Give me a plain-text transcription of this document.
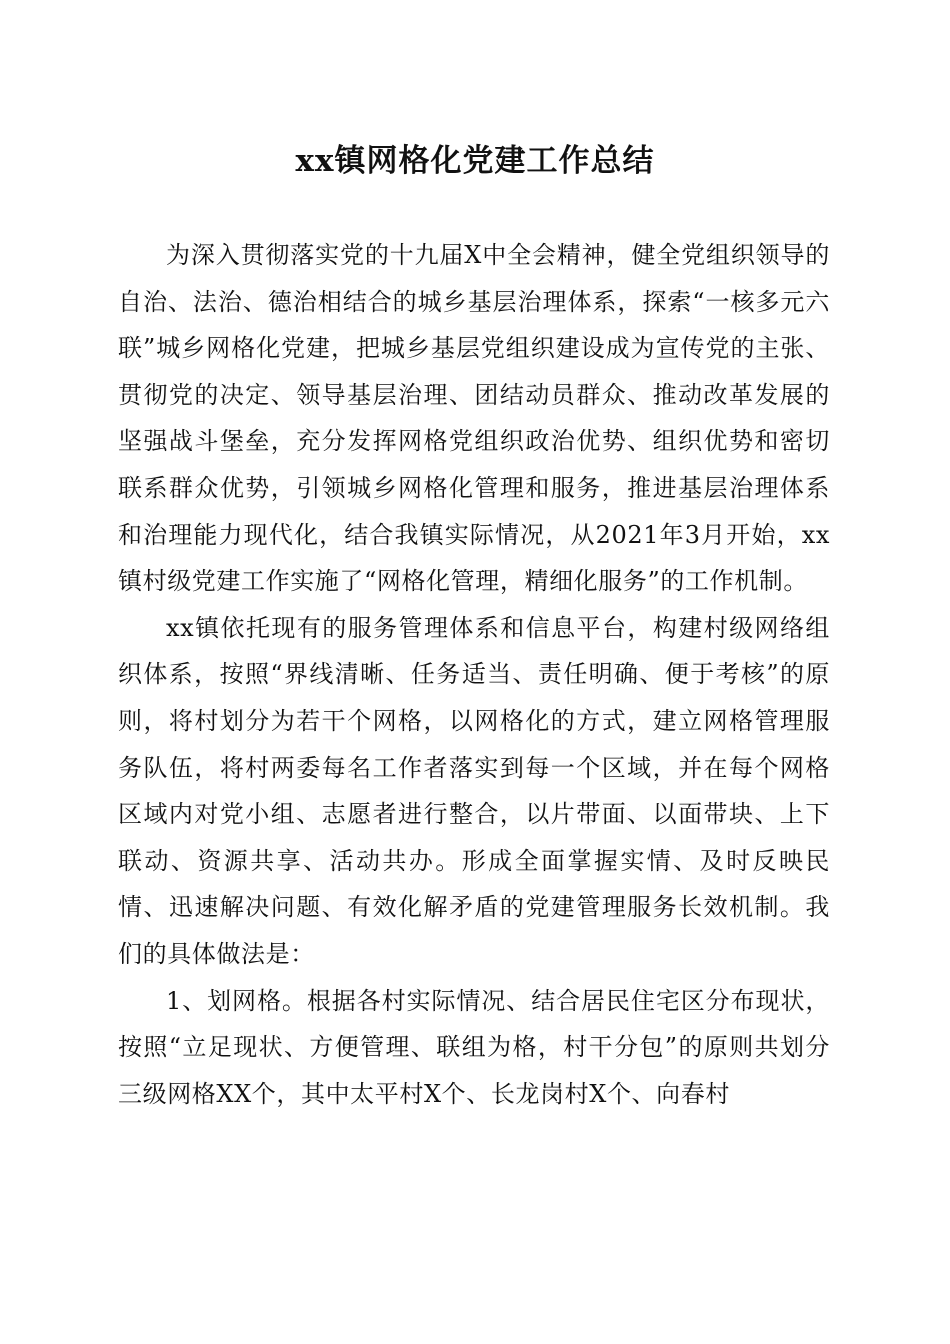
xx镇网格化党建工作总结

为深入贯彻落实党的十九届X中全会精神，健全党组织领导的自治、法治、德治相结合的城乡基层治理体系，探索“一核多元六联”城乡网格化党建，把城乡基层党组织建设成为宣传党的主张、贯彻党的决定、领导基层治理、团结动员群众、推动改革发展的坚强战斗堡垒，充分发挥网格党组织政治优势、组织优势和密切联系群众优势，引领城乡网格化管理和服务，推进基层治理体系和治理能力现代化，结合我镇实际情况，从2021年3月开始，xx镇村级党建工作实施了“网格化管理，精细化服务”的工作机制。

xx镇依托现有的服务管理体系和信息平台，构建村级网络组织体系，按照“界线清晰、任务适当、责任明确、便于考核”的原则，将村划分为若干个网格，以网格化的方式，建立网格管理服务队伍，将村两委每名工作者落实到每一个区域，并在每个网格区域内对党小组、志愿者进行整合，以片带面、以面带块、上下联动、资源共享、活动共办。形成全面掌握实情、及时反映民情、迅速解决问题、有效化解矛盾的党建管理服务长效机制。我们的具体做法是：

1、划网格。根据各村实际情况、结合居民住宅区分布现状，按照“立足现状、方便管理、联组为格，村干分包”的原则共划分三级网格XX个，其中太平村X个、长龙岗村X个、向春村
